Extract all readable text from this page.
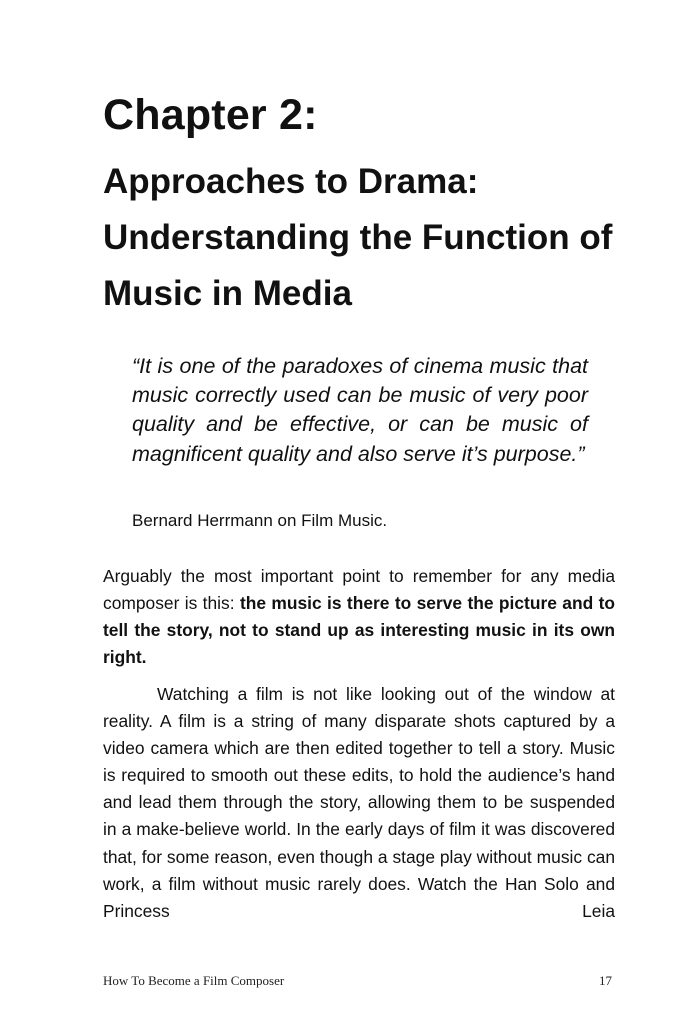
Chapter 2:
Approaches to Drama: Understanding the Function of Music in Media

“It is one of the paradoxes of cinema music that music correctly used can be music of very poor quality and be effective, or can be music of magnificent quality and also serve it’s purpose.”

Bernard Herrmann on Film Music.

Arguably the most important point to remember for any media composer is this: the music is there to serve the picture and to tell the story, not to stand up as interesting music in its own right.

Watching a film is not like looking out of the window at reality. A film is a string of many disparate shots captured by a video camera which are then edited together to tell a story. Music is required to smooth out these edits, to hold the audience’s hand and lead them through the story, allowing them to be suspended in a make-believe world. In the early days of film it was discovered that, for some reason, even though a stage play without music can work, a film without music rarely does. Watch the Han Solo and Princess Leia

How To Become a Film Composer	17
